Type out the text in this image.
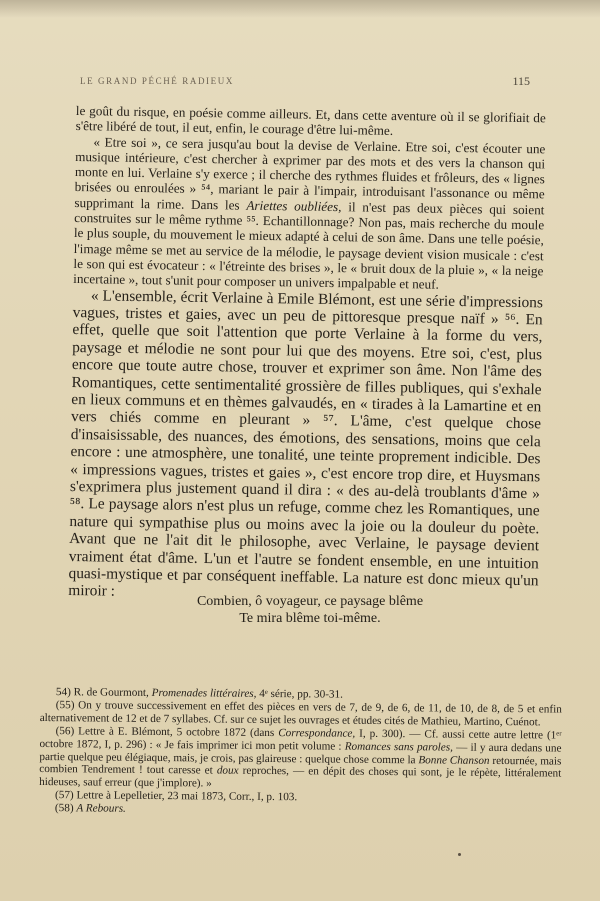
LE GRAND PÉCHÉ RADIEUX	115

le goût du risque, en poésie comme ailleurs. Et, dans cette aventure où il se glorifiait de s'être libéré de tout, il eut, enfin, le courage d'être lui-même.

« Etre soi », ce sera jusqu'au bout la devise de Verlaine. Etre soi, c'est écouter une musique intérieure, c'est chercher à exprimer par des mots et des vers la chanson qui monte en lui. Verlaine s'y exerce ; il cherche des rythmes fluides et frôleurs, des « lignes brisées ou enroulées » ⁵⁴, mariant le pair à l'impair, introduisant l'assonance ou même supprimant la rime. Dans les Ariettes oubliées, il n'est pas deux pièces qui soient construites sur le même rythme ⁵⁵. Echantillonnage? Non pas, mais recherche du moule le plus souple, du mouvement le mieux adapté à celui de son âme. Dans une telle poésie, l'image même se met au service de la mélodie, le paysage devient vision musicale : c'est le son qui est évocateur : « l'étreinte des brises », le « bruit doux de la pluie », « la neige incertaine », tout s'unit pour composer un univers impalpable et neuf.

« L'ensemble, écrit Verlaine à Emile Blémont, est une série d'impressions vagues, tristes et gaies, avec un peu de pittoresque presque naïf » ⁵⁶. En effet, quelle que soit l'attention que porte Verlaine à la forme du vers, paysage et mélodie ne sont pour lui que des moyens. Etre soi, c'est, plus encore que toute autre chose, trouver et exprimer son âme. Non l'âme des Romantiques, cette sentimentalité grossière de filles publiques, qui s'exhale en lieux communs et en thèmes galvaudés, en « tirades à la Lamartine et en vers chiés comme en pleurant » ⁵⁷. L'âme, c'est quelque chose d'insaisissable, des nuances, des émotions, des sensations, moins que cela encore : une atmosphère, une tonalité, une teinte proprement indicible. Des « impressions vagues, tristes et gaies », c'est encore trop dire, et Huysmans s'exprimera plus justement quand il dira : « des au-delà troublants d'âme » ⁵⁸. Le paysage alors n'est plus un refuge, comme chez les Romantiques, une nature qui sympathise plus ou moins avec la joie ou la douleur du poète. Avant que ne l'ait dit le philosophe, avec Verlaine, le paysage devient vraiment état d'âme. L'un et l'autre se fondent ensemble, en une intuition quasi-mystique et par conséquent ineffable. La nature est donc mieux qu'un miroir :

Combien, ô voyageur, ce paysage blême
Te mira blême toi-même.

54) R. de Gourmont, Promenades littéraires, 4ᵉ série, pp. 30-31.

(55) On y trouve successivement en effet des pièces en vers de 7, de 9, de 6, de 11, de 10, de 8, de 5 et enfin alternativement de 12 et de 7 syllabes. Cf. sur ce sujet les ouvrages et études cités de Mathieu, Martino, Cuénot.

(56) Lettre à E. Blémont, 5 octobre 1872 (dans Correspondance, I, p. 300). — Cf. aussi cette autre lettre (1ᵉʳ octobre 1872, I, p. 296) : « Je fais imprimer ici mon petit volume : Romances sans paroles, — il y aura dedans une partie quelque peu élégiaque, mais, je crois, pas glaireuse : quelque chose comme la Bonne Chanson retournée, mais combien Tendrement ! tout caresse et doux reproches, — en dépit des choses qui sont, je le répète, littéralement hideuses, sauf erreur (que j'implore). »

(57) Lettre à Lepelletier, 23 mai 1873, Corr., I, p. 103.

(58) A Rebours.
